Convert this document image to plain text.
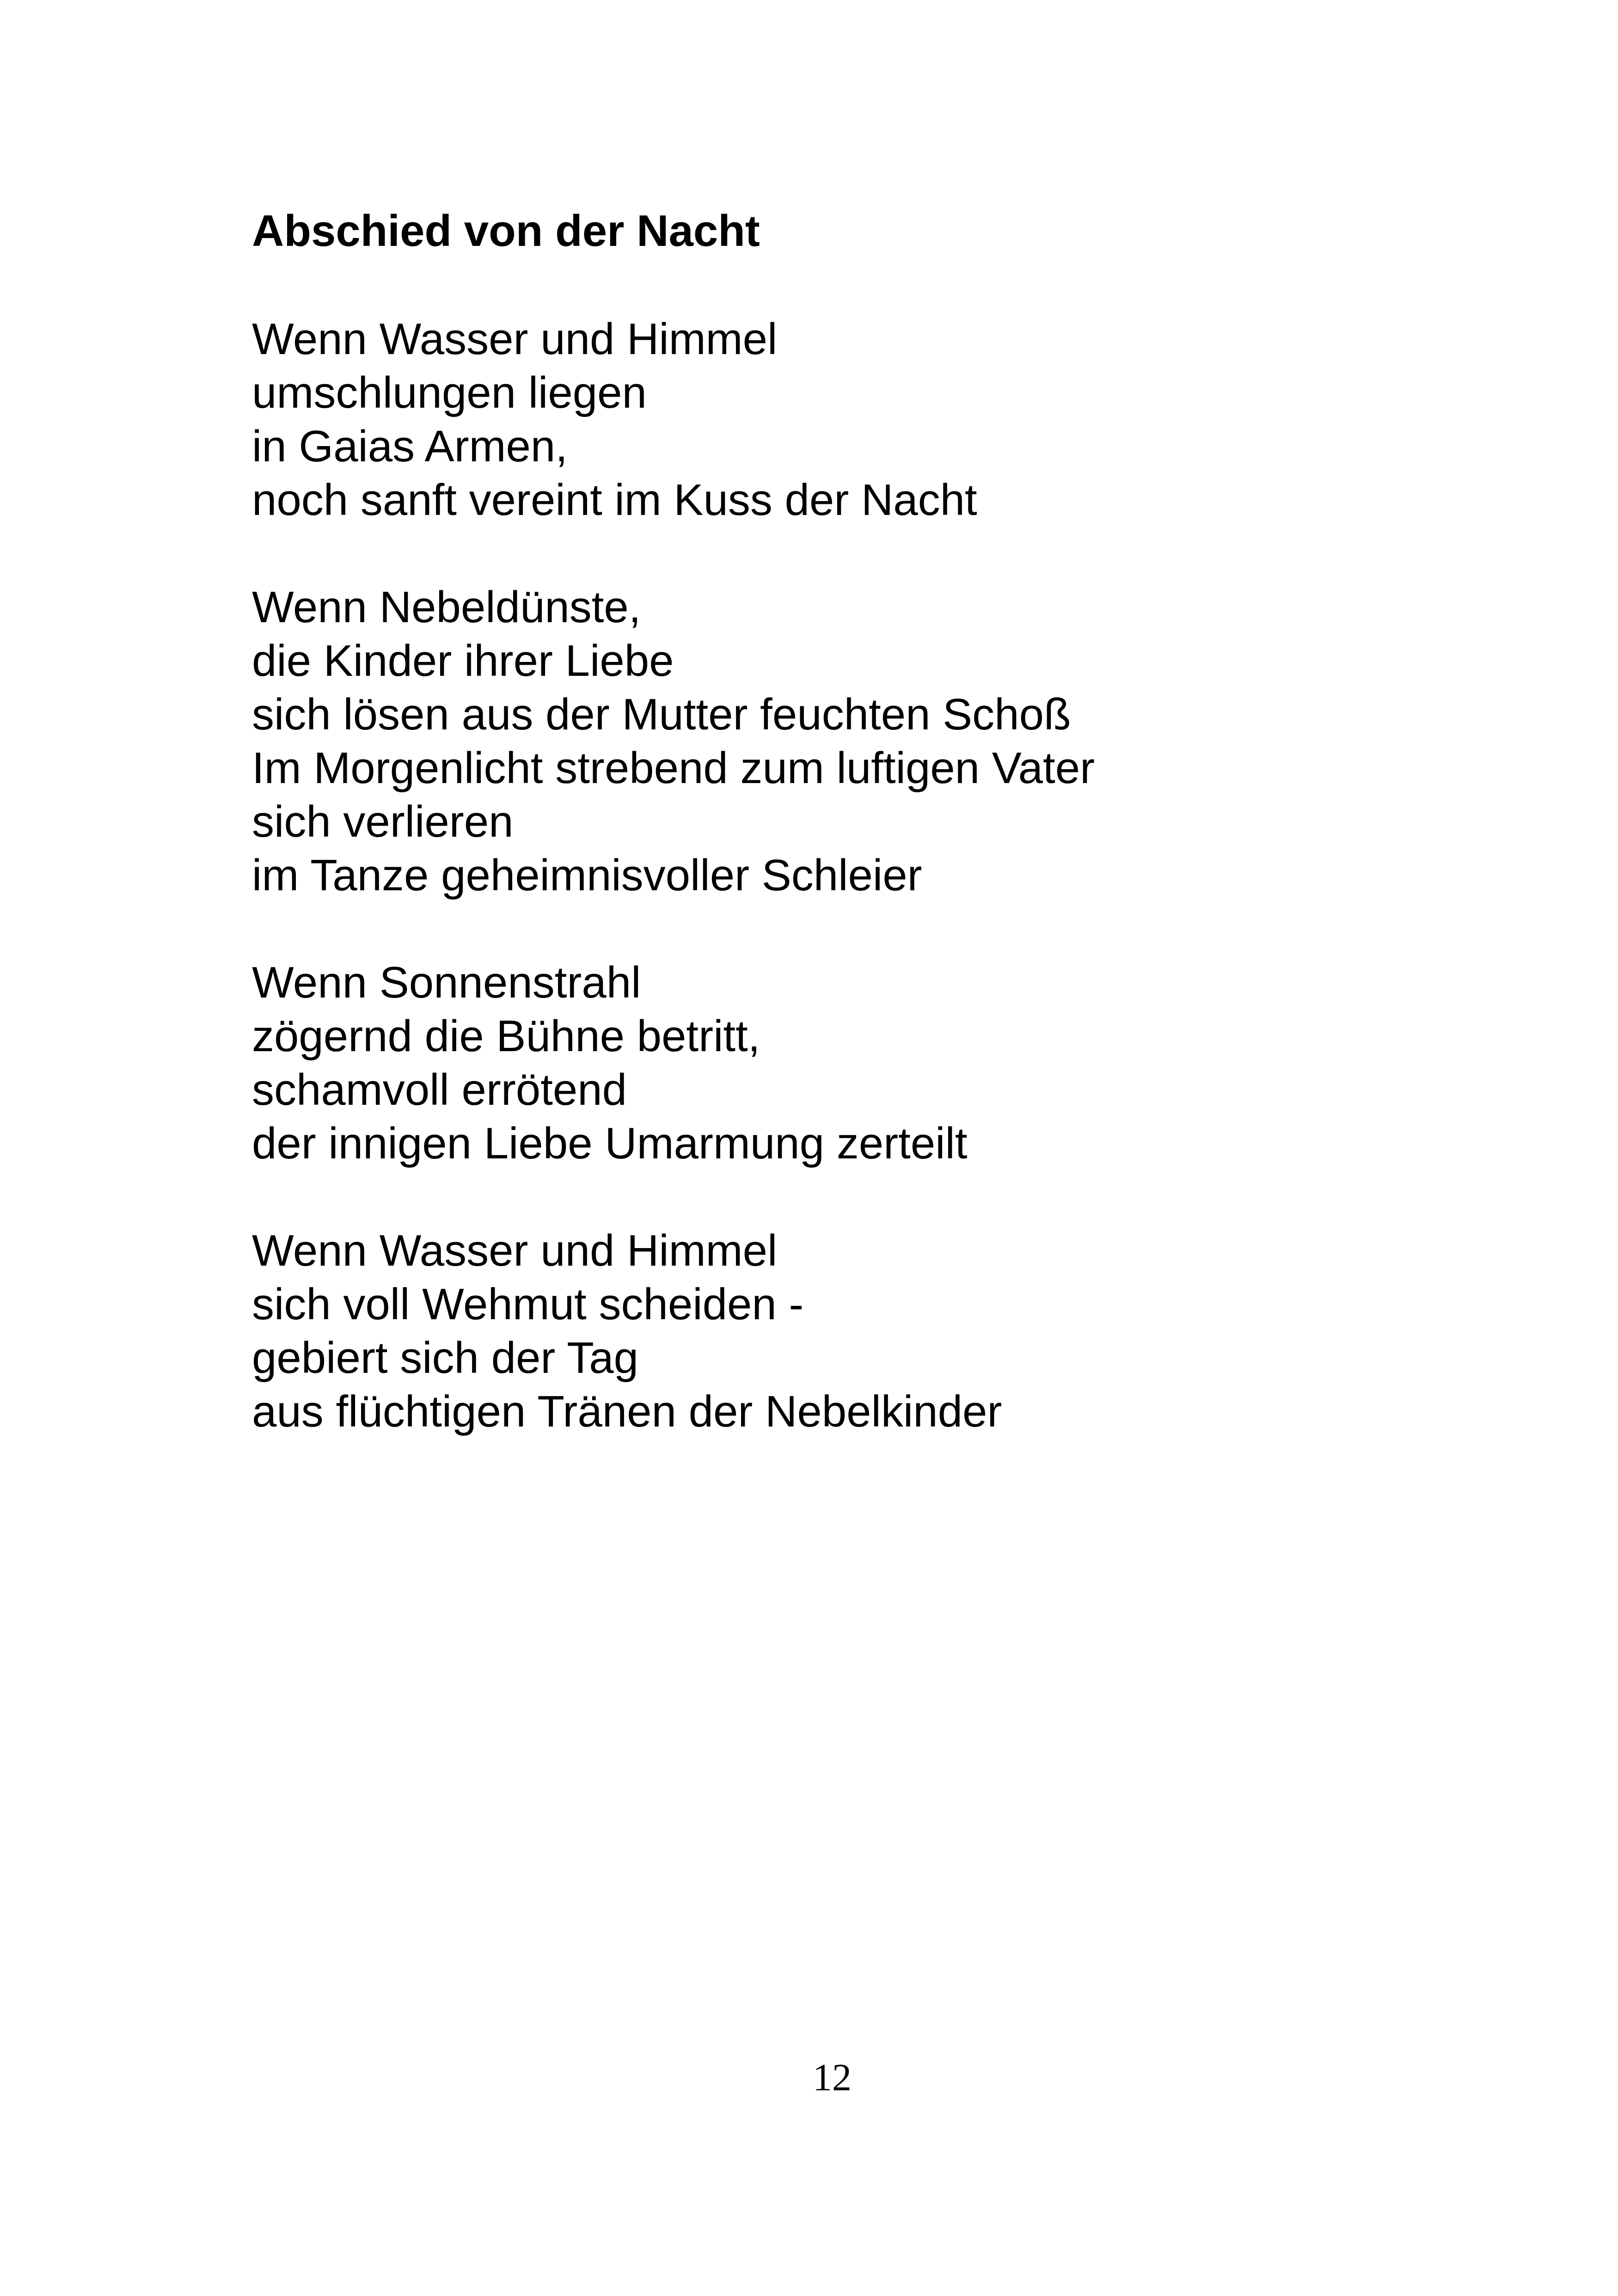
Abschied von der Nacht
Wenn Wasser und Himmel
umschlungen liegen
in Gaias Armen,
noch sanft vereint im Kuss der Nacht
Wenn Nebeldünste,
die Kinder ihrer Liebe
sich lösen aus der Mutter feuchten Schoß
Im Morgenlicht strebend zum luftigen Vater
sich verlieren
im Tanze geheimnisvoller Schleier
Wenn Sonnenstrahl
zögernd die Bühne betritt,
schamvoll errötend
der innigen Liebe Umarmung zerteilt
Wenn Wasser und Himmel
sich voll Wehmut scheiden -
gebiert sich der Tag
aus flüchtigen Tränen der Nebelkinder
12
